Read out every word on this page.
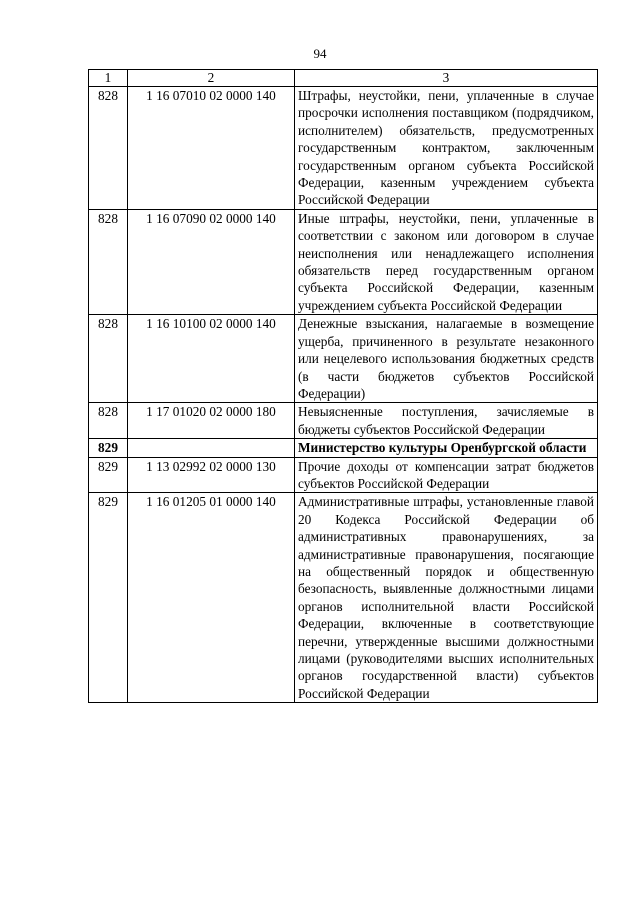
94
1	2	3
828	1 16 07010 02 0000 140	Штрафы, неустойки, пени, уплаченные в случае просрочки исполнения поставщиком (подрядчиком, исполнителем) обязательств, предусмотренных государственным контрактом, заключенным государственным органом субъекта Российской Федерации, казенным учреждением субъекта Российской Федерации
828	1 16 07090 02 0000 140	Иные штрафы, неустойки, пени, уплаченные в соответствии с законом или договором в случае неисполнения или ненадлежащего исполнения обязательств перед государственным органом субъекта Российской Федерации, казенным учреждением субъекта Российской Федерации
828	1 16 10100 02 0000 140	Денежные взыскания, налагаемые в возмещение ущерба, причиненного в результате незаконного или нецелевого использования бюджетных средств (в части бюджетов субъектов Российской Федерации)
828	1 17 01020 02 0000 180	Невыясненные поступления, зачисляемые в бюджеты субъектов Российской Федерации
829		Министерство культуры Оренбургской области
829	1 13 02992 02 0000 130	Прочие доходы от компенсации затрат бюджетов субъектов Российской Федерации
829	1 16 01205 01 0000 140	Административные штрафы, установленные главой 20 Кодекса Российской Федерации об административных правонарушениях, за административные правонарушения, посягающие на общественный порядок и общественную безопасность, выявленные должностными лицами органов исполнительной власти Российской Федерации, включенные в соответствующие перечни, утвержденные высшими должностными лицами (руководителями высших исполнительных органов государственной власти) субъектов Российской Федерации
